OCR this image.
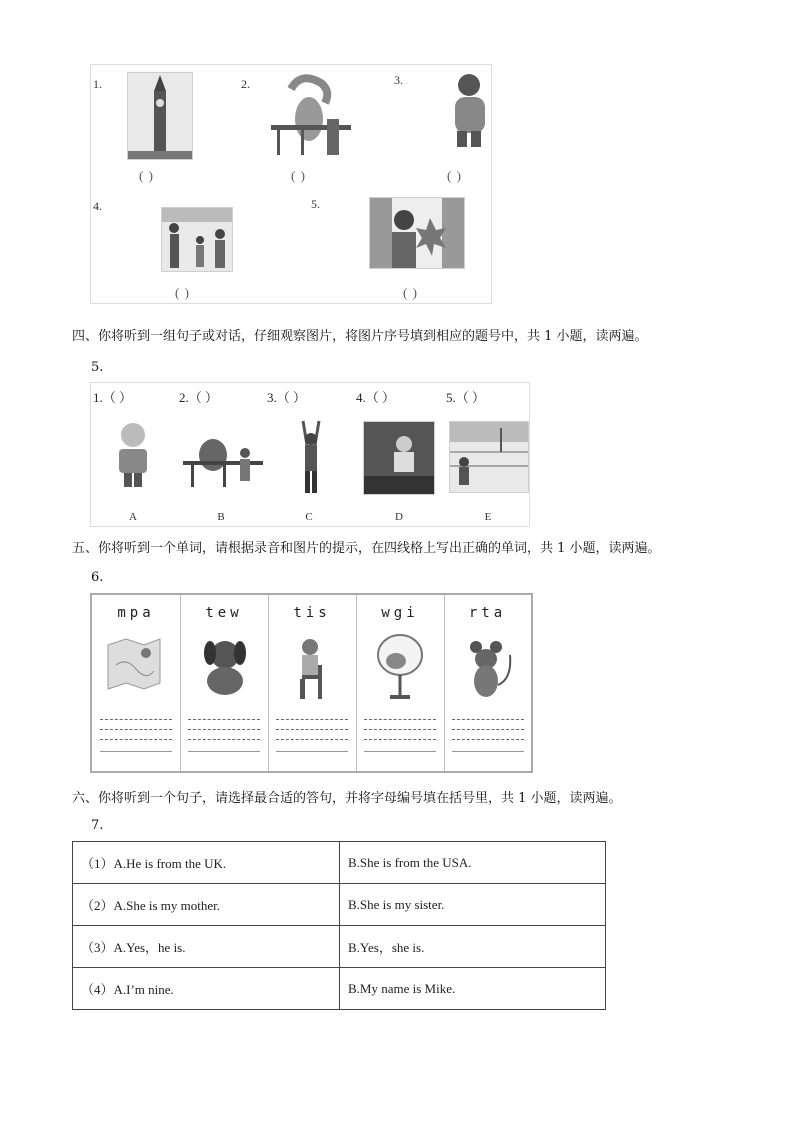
1.
( )
2.
( )
3.
( )
4.
( )
5.
( )
四、你将听到一组句子或对话，仔细观察图片，将图片序号填到相应的题号中，共 1 小题，读两遍。
5.
1.（ ）	2.（ ）	3.（ ）	4.（ ）	5.（ ）
A	B	C	D	E
五、你将听到一个单词，请根据录音和图片的提示，在四线格上写出正确的单词，共 1 小题，读两遍。
6.
mpa	tew	tis	wgi	rta
六、你将听到一个句子，请选择最合适的答句，并将字母编号填在括号里，共 1 小题，读两遍。
7.
（1）A.He is from the UK.	B.She is from the USA.
（2）A.She is my mother.	B.She is my sister.
（3）A.Yes，he is.	B.Yes，she is.
（4）A.I’m nine.	B.My name is Mike.
